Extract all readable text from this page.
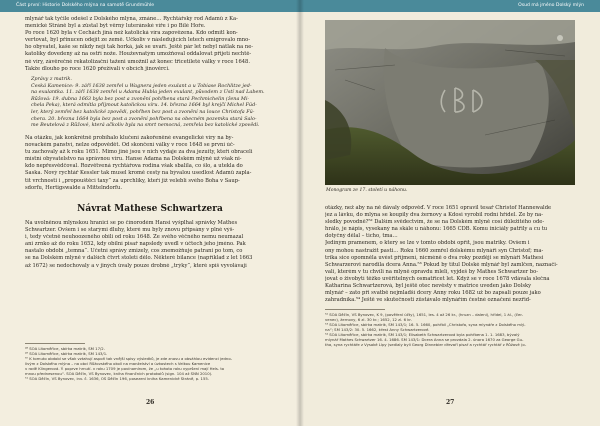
Část první: Historie Dolského mlýna na samotě Grundmühle
mlynář tak tyčile odešel z Dolského mlýna, zmáne… Rychtářský rod Adamů z Ka-
menické Stráně byl a zůstal být věrný luteránské víře i po Bílé Hoře.
Po roce 1620 byla v Čechách jiná než katolická víra zapovězena. Kdo odmítl kon-
vertovat, byl přinucen odejít ze země. Účkoliv v následujících letech emigrovalo mno-
ho obyvatel, kaše se nikdy nejí tak horká, jak se uvaří. Ještě pár let nebyl nátlak na ne-
katolíky dovedený až na ostří nože. Houževnatým umožňoval oddalovat přijetí nechtě-
né víry, závěrečné rekatolizační taženi umožnil až konec třicetileté války v roce 1648.
Takže dlouho po roce 1620 přežívali v obcích jinověrci.
Zprávy z matrik.
Česká Kamenice: 9. září 1638 zemřel u Wagnera jeden exulant a u Tobiase Rochlitze jed-
na exulantka. 11. září 1638 zemřel u Adama Hubla jeden exulant, původem z Ústí nad Labem.
Růžová: 19. dubna 1663 byla bez post a zvonění pohřbena stará Pechmichelin (žena Mi-
chela Peka), která odmítla přijmout katolickou víru. 14. března 1664 byl krejčí Michel Füd-
ler, který zemřel bez katolické zpovědi, pohřben bez post a zvonění na louce Christofa Fü-
chera. 20. března 1664 byla bez post a zvonění pohřbena na obecném pozemku stará Salo-
me Beutelová z Růžové, která ačkoliv byla na smrt nemocná, zemřela bez katolické zpovědi.
Na otázku, jak konkrétně probíhalo klučení zakořeněné evangelické víry na by-
novackém panství, nelze odpovědět. Od skončení války v roce 1648 se první úč-
tu zachovaly až k roku 1651. Mimo jiné jsou v nich výdaje za dva jezuity, kteří obraceli
místní obyvatelstvo na správnou víru. Hanse Adama na Dolském mlýně už však ni-
kdo nepřesvědčoval. Rozvětvená rychtářova rodina však sbalila, co šlo, a utekla do
Saska. Nový rychtář Kessler tak musel kromě cesty na bývalou usedlost Adamů zapla-
tit vrchnosti i „propouštěcí taxy“ za uprchlíky, kteří již veleblí svého Boha v Saup-
sdorfu, Hertigswalde a Mittelndorfu.
Návrat Mathese Schwartzera
Na uvolněnou mlýnskou hranici se po čínorodém Hansi vyšplhal správky Mathes
Schwartzer. Ovšem i se starými dluhy, které mu byly znovu připsány v plné výš-
i, tedy včetně neuhoozeného obili od roku 1648. Ze svého věčného nemu neumazal
ani zrnko až do roku 1652, kdy obilní pisař napsledy uvedl v účtech jeho jméno. Pak
nastalo období „temna“. Účetní správy zmizely, cos znemožňuje patrani po tom, co
se na Dolském mlýně v dalších čtvrt století dělo. Některé bilance (například z let 1663
až 1672) se nedochovaly a v jiných úvaly pouze drobné „trýky“, které spíš vyvolávají
⁴⁸ SOA Litoměřice, sbírka matrik, SM 17/2.
⁴⁹ SOA Litoměřice, sbírka matrik, SM 143/1.
⁵⁰ K tomuto období se však vztahují aspoň tak vnější spisy výsledků, je zde znovu a obsáhlou evidenci jedno-
livým z Dolského mlýna – na obci Růžovského okolí na manželství a úzkostech s Velkou Kamenice
v rodě Klingerová. Ý. poprve hrnutí. v roku 1709 je povínomírom, že „u tohoto roku vypršení mají Hels. to
mnou přednesenou“. SOA Děčín, VS Bynovec, kniha finančních protokolů (sign. 104 až SNN 2010).
⁵¹ SOA Děčín, VS Bynovec, inv. č. 1636, OS Děčín 196, posezení kniha Kamenické Stráně, p. 155.
26
Osud má jméno Dolský mlýn
Monogram ze 17. století u náhonu.
otázky, než aby na ně dávaly odpověď. V roce 1651 opravil tesař Christof Hannewalde
jez a lávku, do mlýna se koupily dva žernovy a Kdosi vyrobil rodní hřídel. Ze by na-
sledky povodně?⁵² Dalším svědectvím, že se na Dolském mlýně cosi důležitého ode-
hrálo, je nápis, vysekaný na skále u náhonu: 1665 CDB. Komu iniciály patřily a cu tu
dotyčný dělal – ticho, tma…
Jediným pramenem, o který se lze v tomto období opřít, jsou matriky. Ovšem i
ony mohou nastražit pasti… Roku 1660 zemřel dolskému mlynáři syn Christof; ma-
trika sice opomněla uvést příjmení, nicméně o dva roky později se mlynáři Mathesi
Schwarzerovi narodila dcera Anna.⁵³ Pokud by titul Dolské mlynář byl zamlčen, naznači-
vali, kterém v tu chvíli na mlýně opravdu mleli, vyjdeš by Mathes Schwartzer bo-
jovat o živobytí těžko uvěřitelných osmatřicet let. Když se v roce 1678 vdávala slečna
Katharina Schwartzerová, byl ještě otec nevěsty v matrice uveden jako Dolský
mlynář – zato při svatbě nejmladší dcery Anny roku 1682 už bo zapsali pouze jako
zahradníka.⁵⁴ Ještě ve skutečnosti zůstávalo mlynářím čestné označení nezřid-
⁵² SOA Děčín, VS Bynovec, K 9, (pověření účty), 1651, les. 4 až 26 kr., (hruzn – daleni), hřídel, 1 ál., (čer-
venec), žernovy, 6 zl. 30 kr.; 1652, 12 zl. 6 kr.
⁵³ SOA Litoměřice, sbírka matrik, SM 143/1; 16. 5. 1660, pohřbil „Christofa, syna mlynáře z Dolského mlý-
na“; SM 143/2: 30. 5. 1662, křest Anny Schwartzerové.
⁵⁴ SOA Litoměřice, sbírka matrik, SM 143/1; Elisabeth Schwartzerová byla pohřbena 1. 1. 1683, bývalý
mlynář Mathes Schwartzer 16. 4. 1686. SM 143/1: Dcera Anna se provdala 2. února 1670 za George Gu-
tha, syna rychtáře z Vysoké Lípy (sedlaly byli Georg Dinnebier dřevaří pisař a rychtář rychtář z Růžové (o-
27
